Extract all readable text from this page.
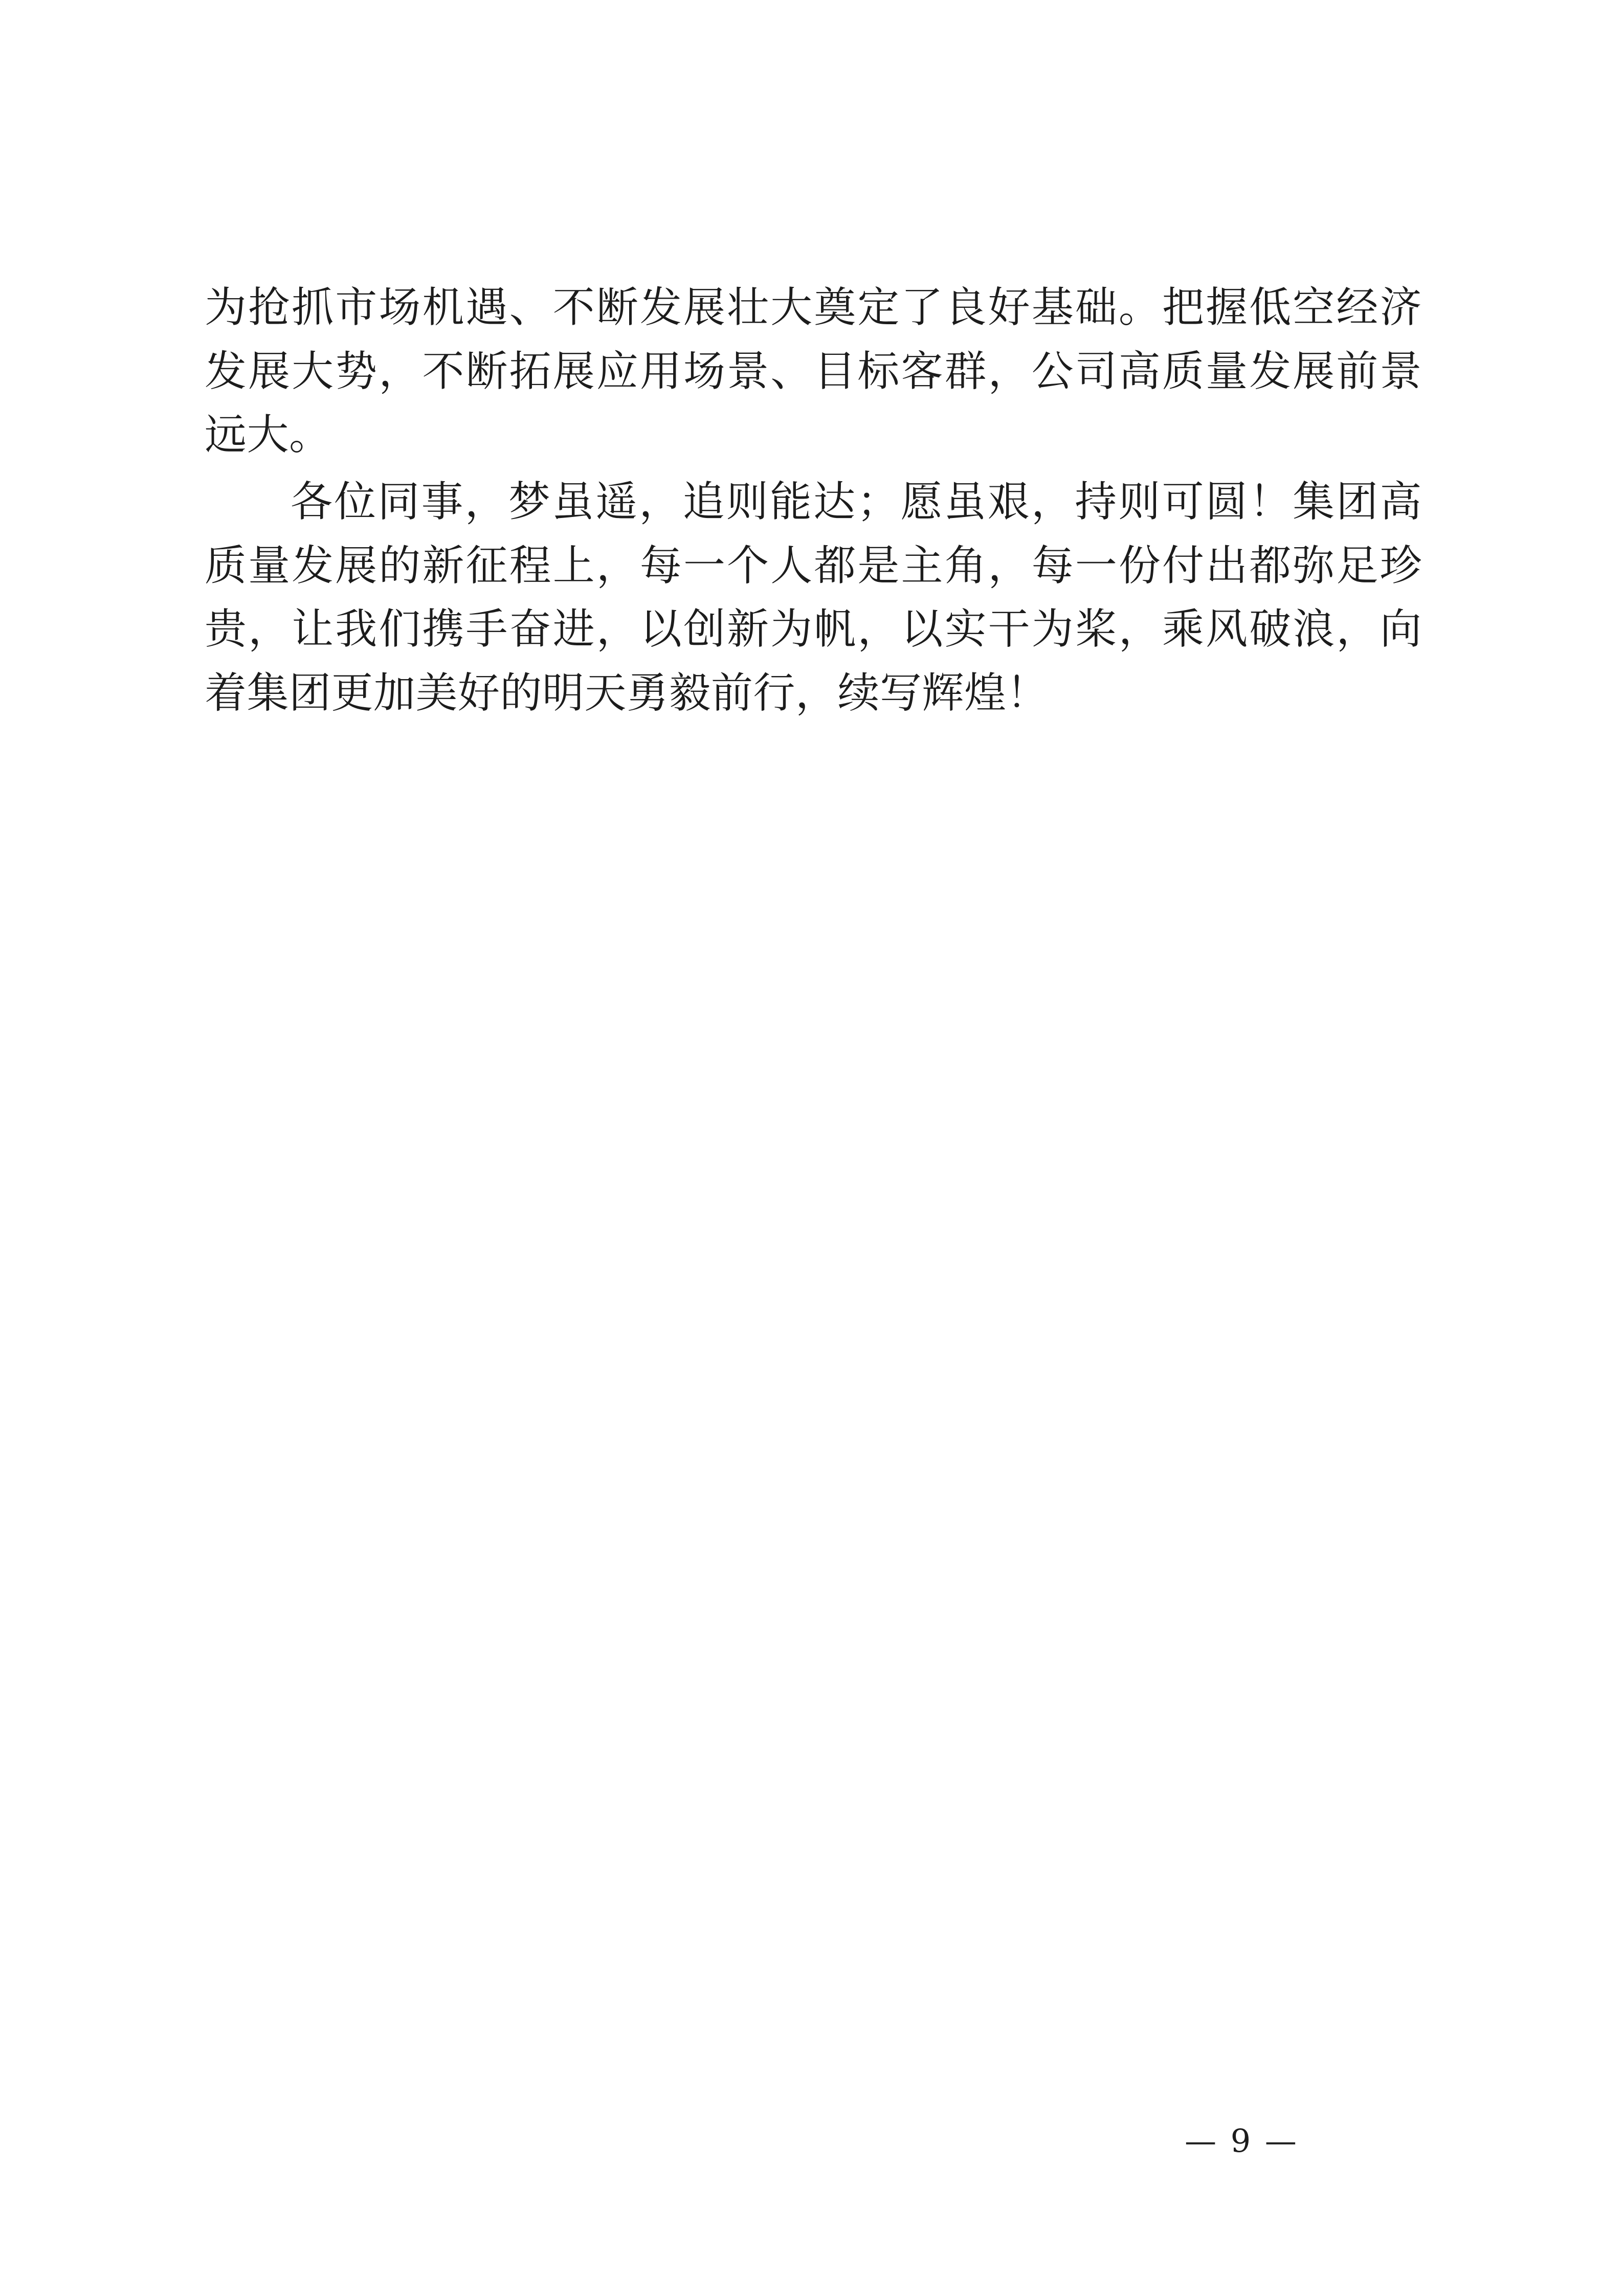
为抢抓市场机遇、不断发展壮大奠定了良好基础。把握低空经济发展大势，不断拓展应用场景、目标客群，公司高质量发展前景远大。

各位同事，梦虽遥，追则能达；愿虽艰，持则可圆！集团高质量发展的新征程上，每一个人都是主角，每一份付出都弥足珍贵，让我们携手奋进，以创新为帆，以实干为桨，乘风破浪，向着集团更加美好的明天勇毅前行，续写辉煌！

— 9 —
